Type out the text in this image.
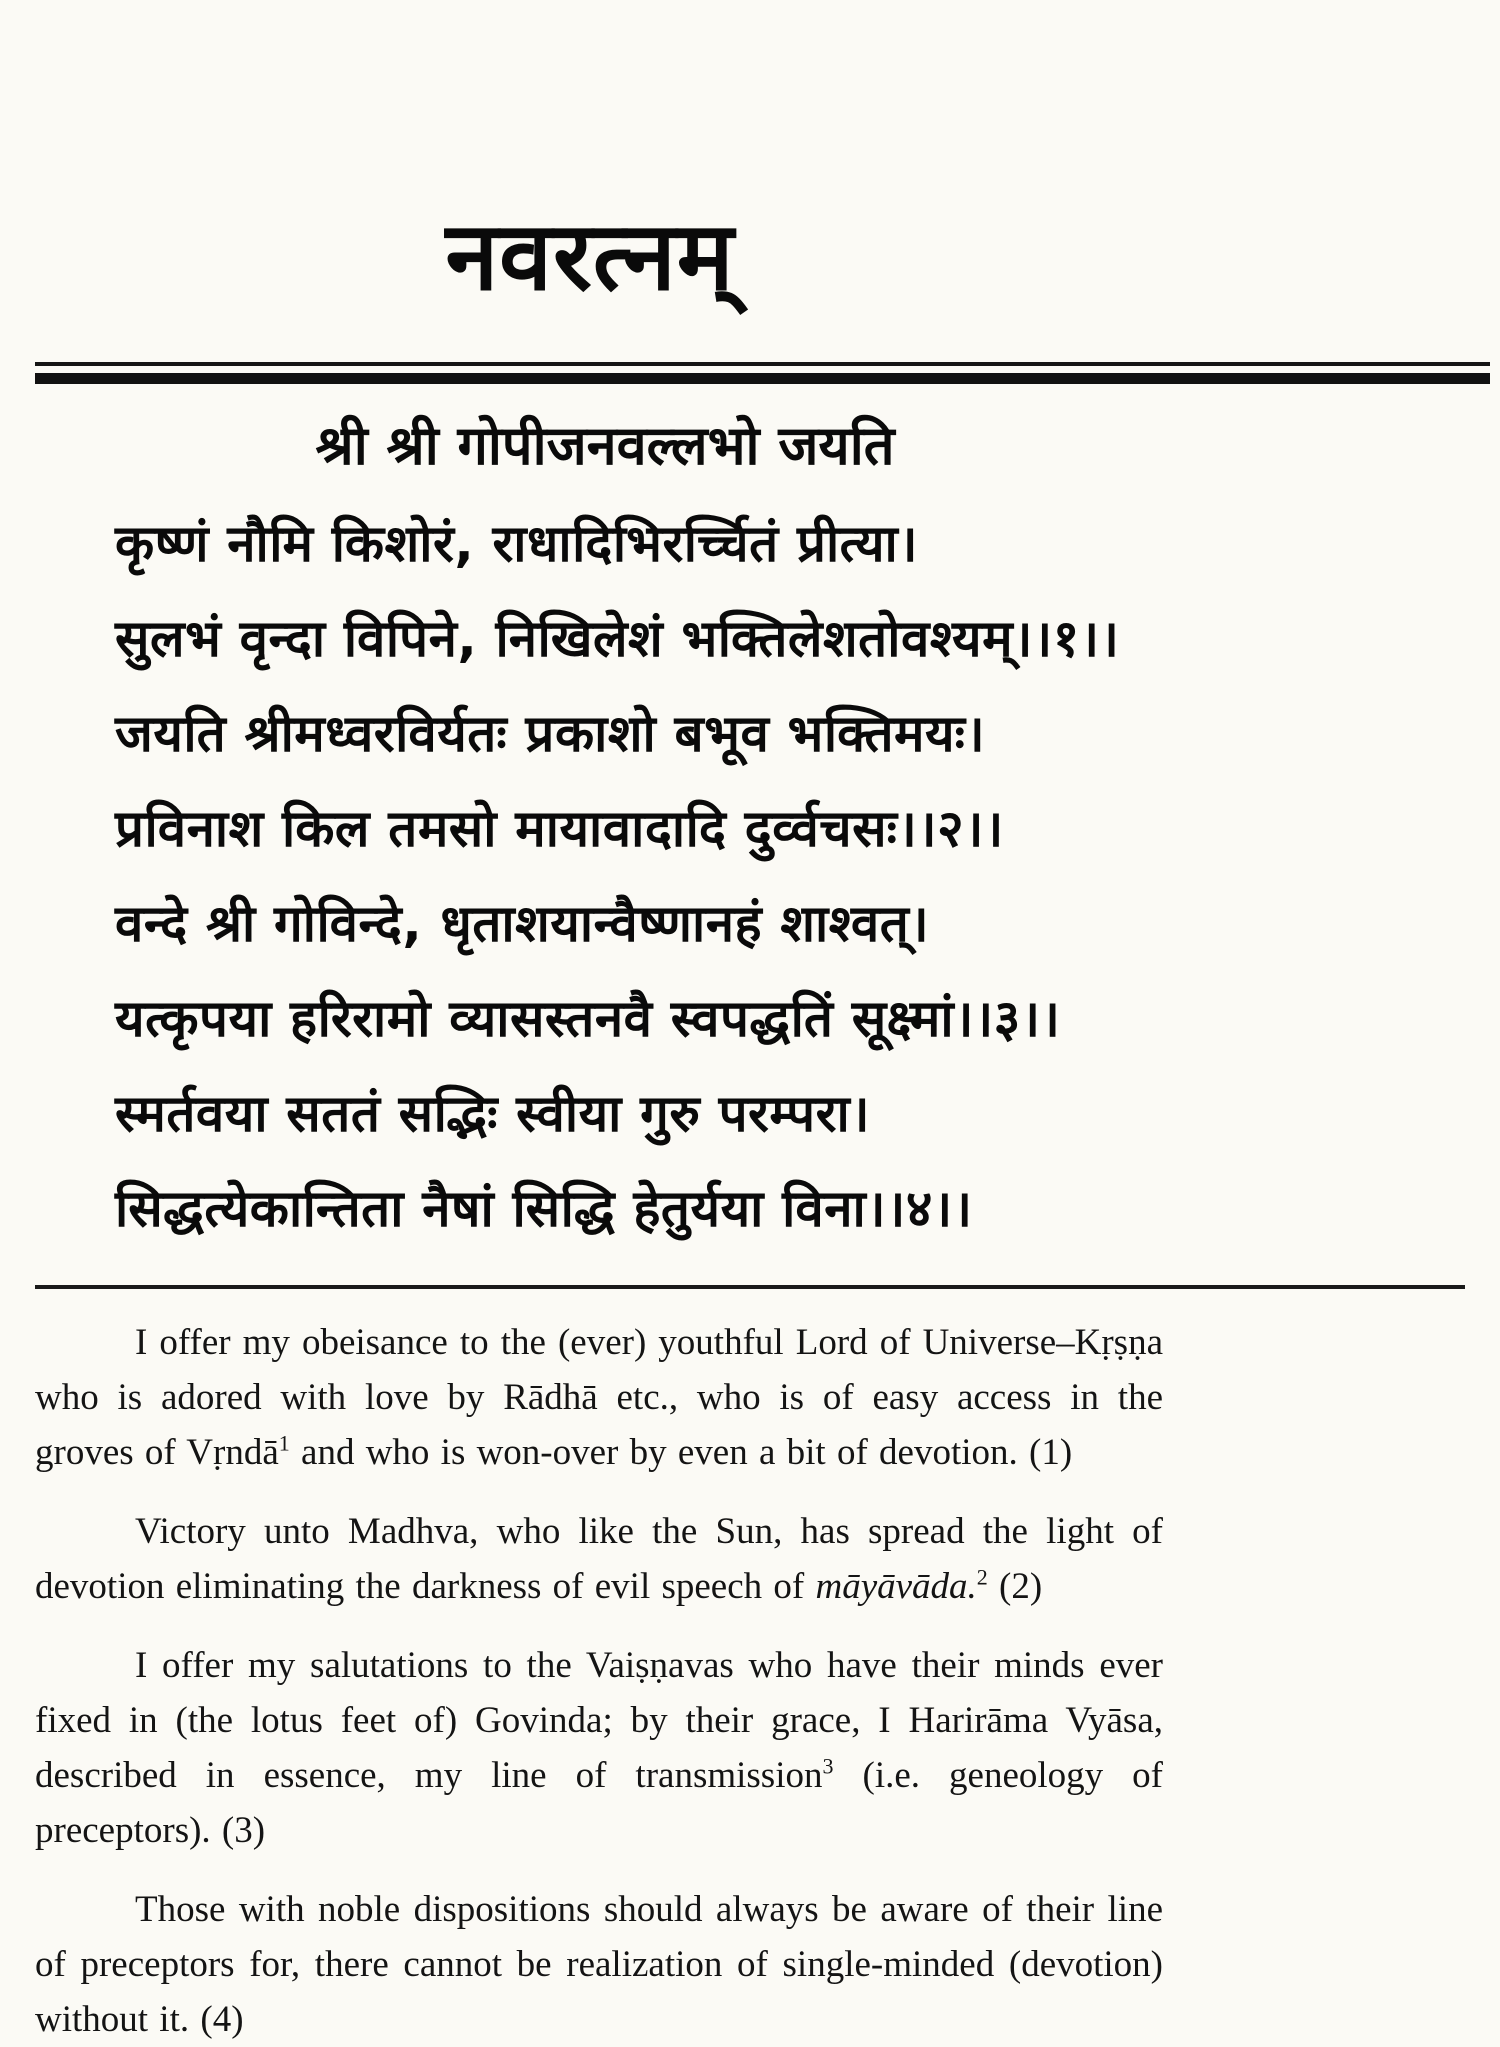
नवरत्नम्

श्री श्री गोपीजनवल्लभो जयति

कृष्णं नौमि किशोरं, राधादिभिरर्च्चितं प्रीत्या।

सुलभं वृन्दा विपिने, निखिलेशं भक्तिलेशतोवश्यम्।।१।।

जयति श्रीमध्वरविर्यतः प्रकाशो बभूव भक्तिमयः।

प्रविनाश किल तमसो मायावादादि दुर्व्वचसः।।२।।

वन्दे श्री गोविन्दे, धृताशयान्वैष्णानहं शाश्वत्।

यत्कृपया हरिरामो व्यासस्तनवै स्वपद्धतिं सूक्ष्मां।।३।।

स्मर्तवया सततं सद्भिः स्वीया गुरु परम्परा।

सिद्धत्येकान्तिता नैषां सिद्धि हेतुर्यया विना।।४।।

I offer my obeisance to the (ever) youthful Lord of Universe–Kṛṣṇa who is adored with love by Rādhā etc., who is of easy access in the groves of Vṛndā$^1$ and who is won-over by even a bit of devotion. (1)

Victory unto Madhva, who like the Sun, has spread the light of devotion eliminating the darkness of evil speech of māyāvāda.$^2$ (2)

I offer my salutations to the Vaiṣṇavas who have their minds ever fixed in (the lotus feet of) Govinda; by their grace, I Harirāma Vyāsa, described in essence, my line of transmission$^3$ (i.e. geneology of preceptors). (3)

Those with noble dispositions should always be aware of their line of preceptors for, there cannot be realization of single-minded (devotion) without it. (4)
